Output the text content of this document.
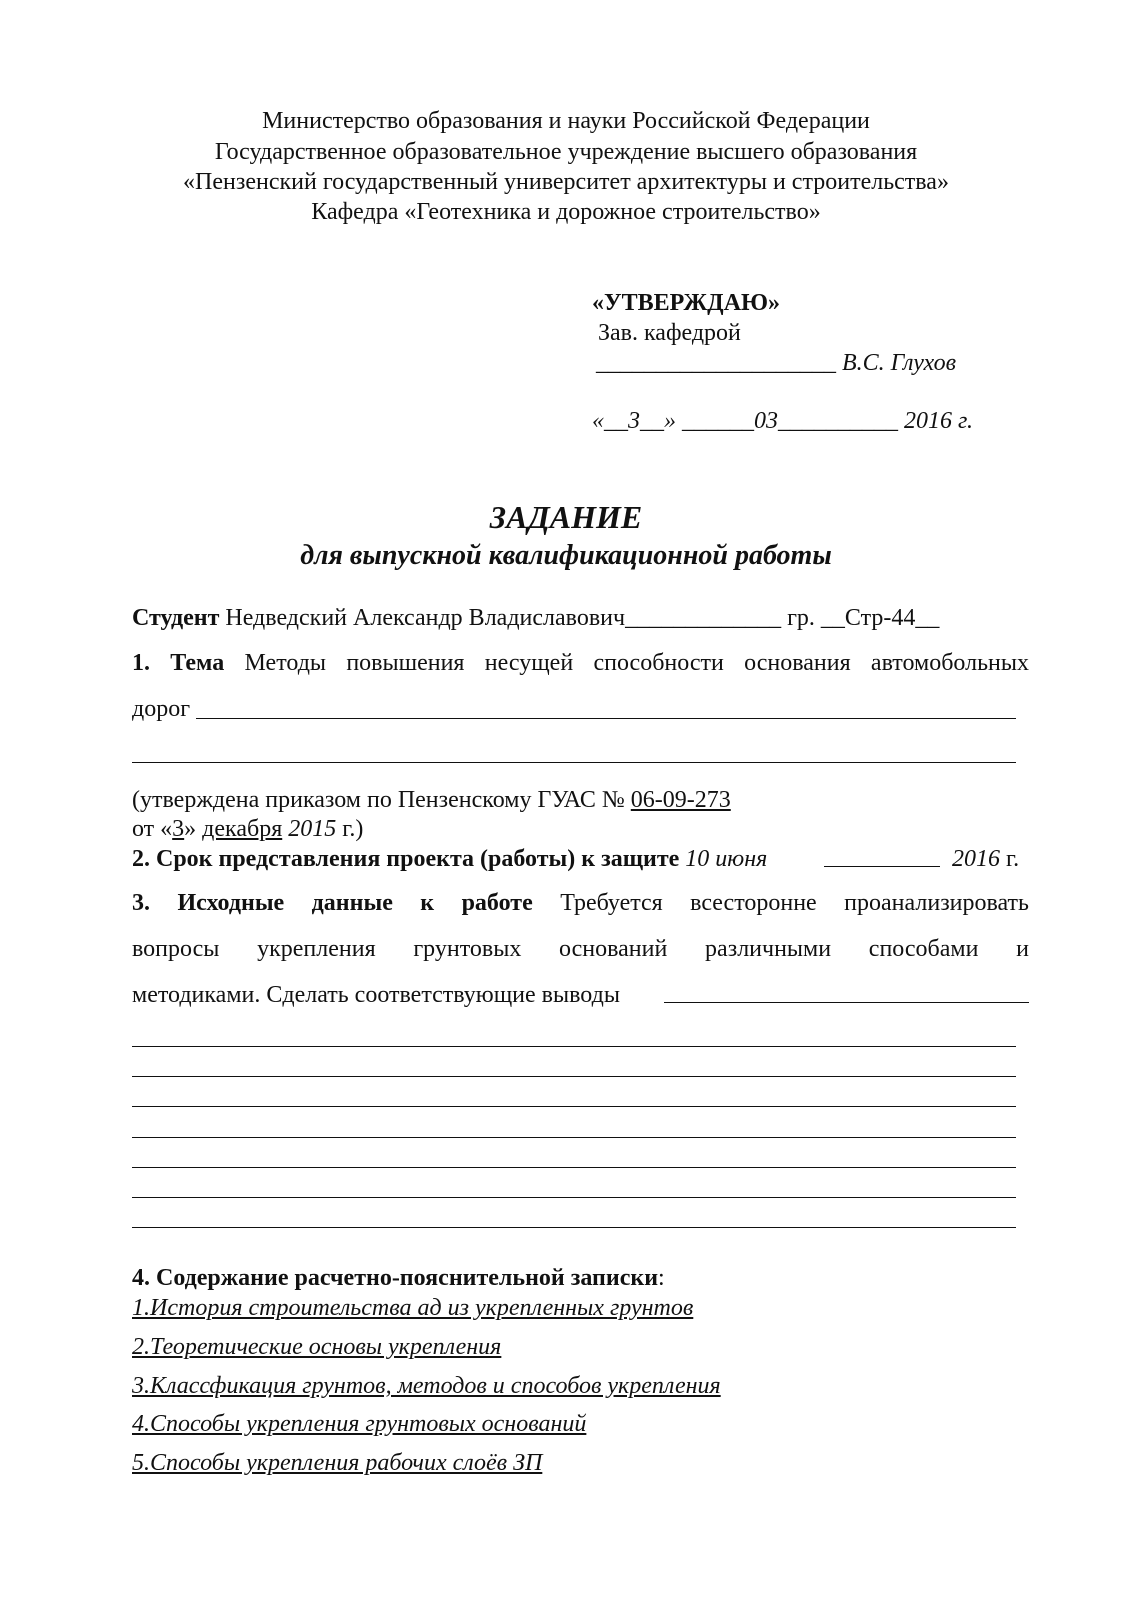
Министерство образования и науки Российской Федерации
Государственное образовательное учреждение высшего образования
«Пензенский государственный университет архитектуры и строительства»
Кафедра «Геотехника и дорожное строительство»
«УТВЕРЖДАЮ»
Зав. кафедрой
____________________ В.С. Глухов
«__3__» ______03__________ 2016 г.
ЗАДАНИЕ
для выпускной квалификационной работы
Студент Недведский Александр Владиславович_____________ гр. __Стр-44__
1. Тема Методы повышения несущей способности основания автомобольных
дорог
(утверждена приказом по Пензенскому ГУАС № 06-09-273
от «3» декабря 2015 г.)
2. Срок представления проекта (работы) к защите 10 июня	2016 г.
3. Исходные данные к работе Требуется всесторонне проанализировать
вопросы укрепления грунтовых оснований различными способами и
методиками. Сделать соответствующие выводы
4. Содержание расчетно-пояснительной записки:
1.История строительства ад из укрепленных грунтов
2.Теоретические основы укрепления
3.Классфикация грунтов, методов и способов укрепления
4.Способы укрепления грунтовых оснований
5.Способы укрепления рабочих слоёв ЗП
